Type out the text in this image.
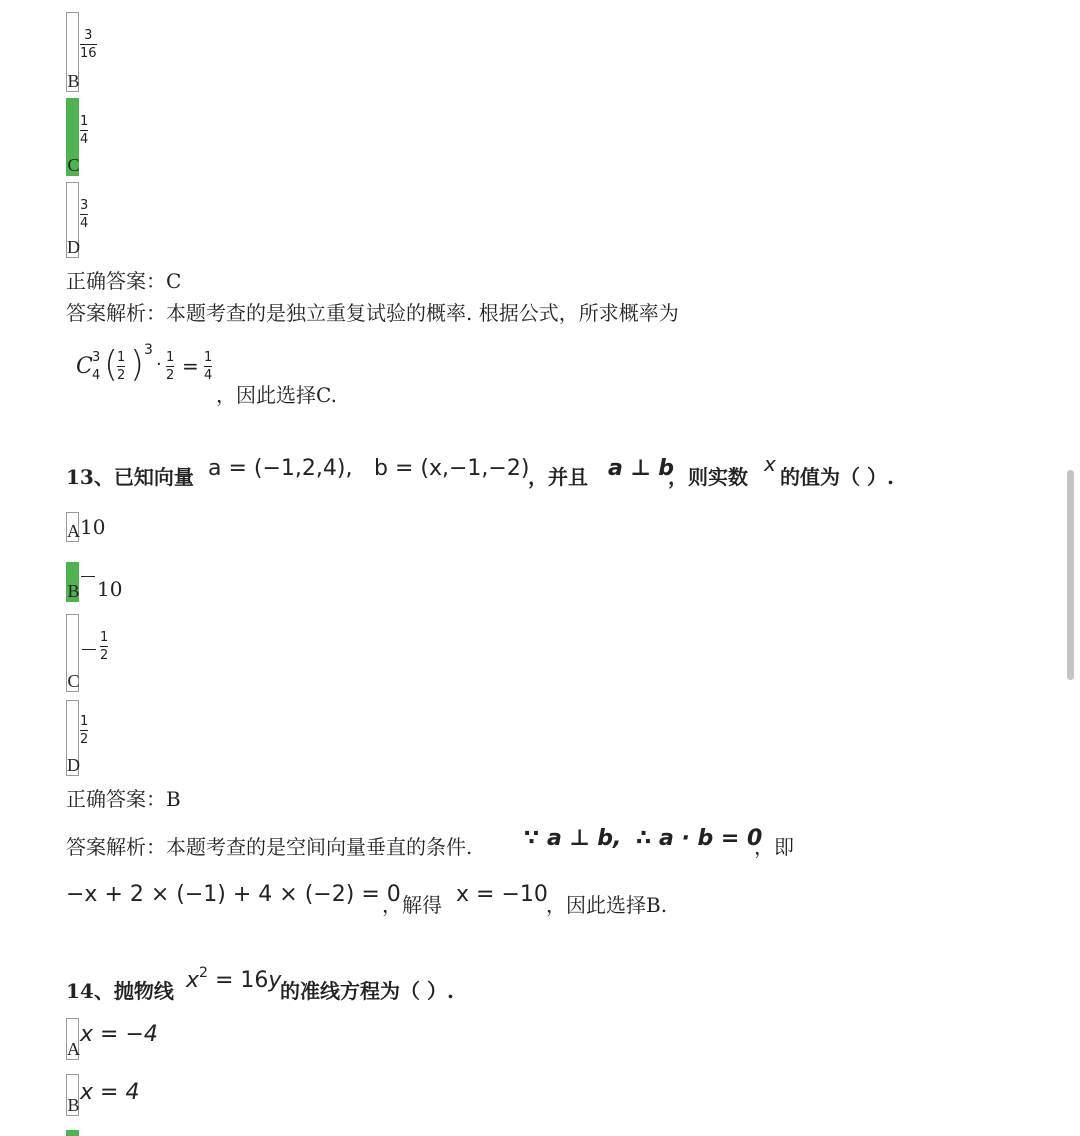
B
3
16
C
1
4
D
3
4
正确答案：C
答案解析：本题考查的是独立重复试验的概率. 根据公式，所求概率为
C 3
4 (
1
2 ) 3
· 1
2 = 1
4
，因此选择C.
13、已知向量 a = (−1,2,4), b = (x,−1,−2)
，并且 a ⊥ b
，则实数
x
的值为（ ）.
A 10
B 10
C
1
2
D
1
2
正确答案：B
答案解析：本题考查的是空间向量垂直的条件. ∵ a ⊥ b, ∴ a · b = 0
，即
−x + 2 × (−1) + 4 × (−2) = 0
，解得 x = −10
，因此选择B.
14、抛物线 $x^2 = 16y$
的准线方程为（ ）.
A
x = −4
B x = 4
